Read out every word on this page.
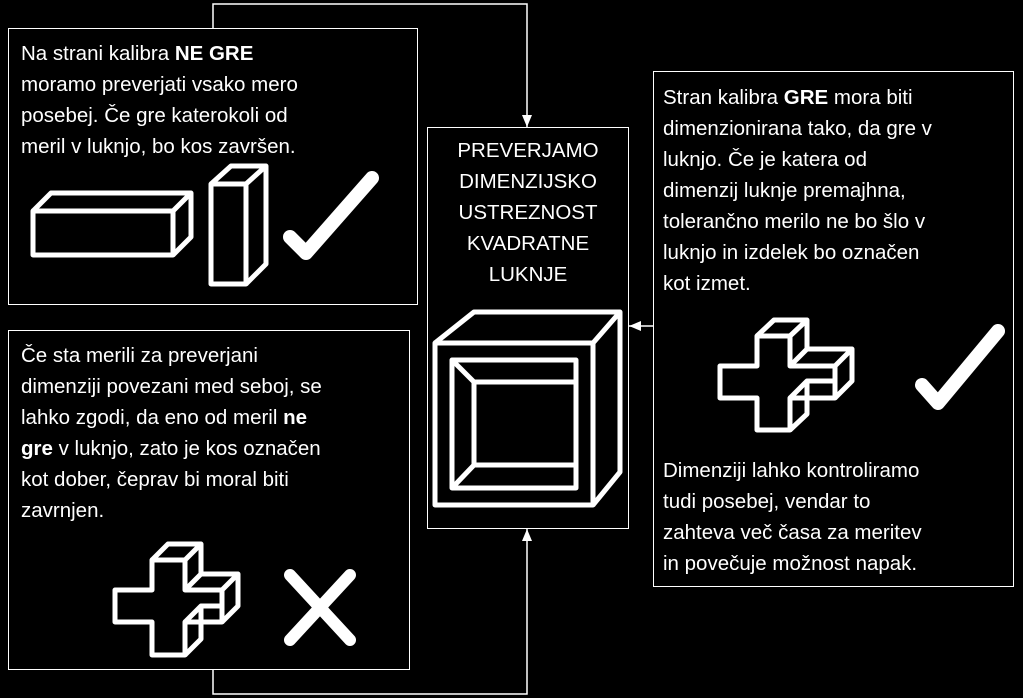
Na strani kalibra NE GRE
moramo preverjati vsako mero
posebej. Če gre katerokoli od
meril v luknjo, bo kos završen.
Če sta merili za preverjani
dimenziji povezani med seboj, se
lahko zgodi, da eno od meril ne
gre v luknjo, zato je kos označen
kot dober, čeprav bi moral biti
zavrnjen.
PREVERJAMO
DIMENZIJSKO
USTREZNOST
KVADRATNE
LUKNJE
Stran kalibra GRE mora biti
dimenzionirana tako, da gre v
luknjo. Če je katera od
dimenzij luknje premajhna,
tolerančno merilo ne bo šlo v
luknjo in izdelek bo označen
kot izmet.
Dimenziji lahko kontroliramo
tudi posebej, vendar to
zahteva več časa za meritev
in povečuje možnost napak.
